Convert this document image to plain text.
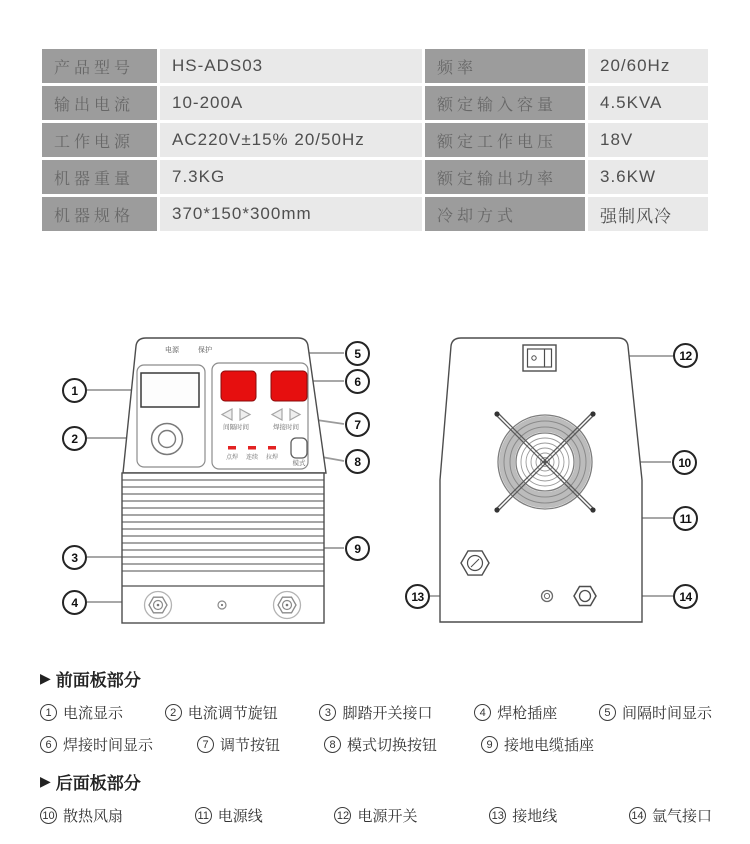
产品型号	HS-ADS03	频率	20/60Hz
输出电流	10-200A	额定输入容量	4.5KVA
工作电源	AC220V±15% 20/50Hz	额定工作电压	18V
机器重量	7.3KG	额定输出功率	3.6KW
机器规格	370*150*300mm	冷却方式	强制风冷
电源	保护
间隔时间	焊接时间
点焊 连续 拉焊
模式
1
2
3
4
5
6
7
8
9
10
11
12
13	14
▶ 前面板部分
1 电流显示	2 电流调节旋钮	3 脚踏开关接口	4 焊枪插座	5 间隔时间显示
6 焊接时间显示	7 调节按钮	8 模式切换按钮	9 接地电缆插座
▶ 后面板部分
10 散热风扇	11 电源线	12 电源开关	13 接地线	14 氩气接口
